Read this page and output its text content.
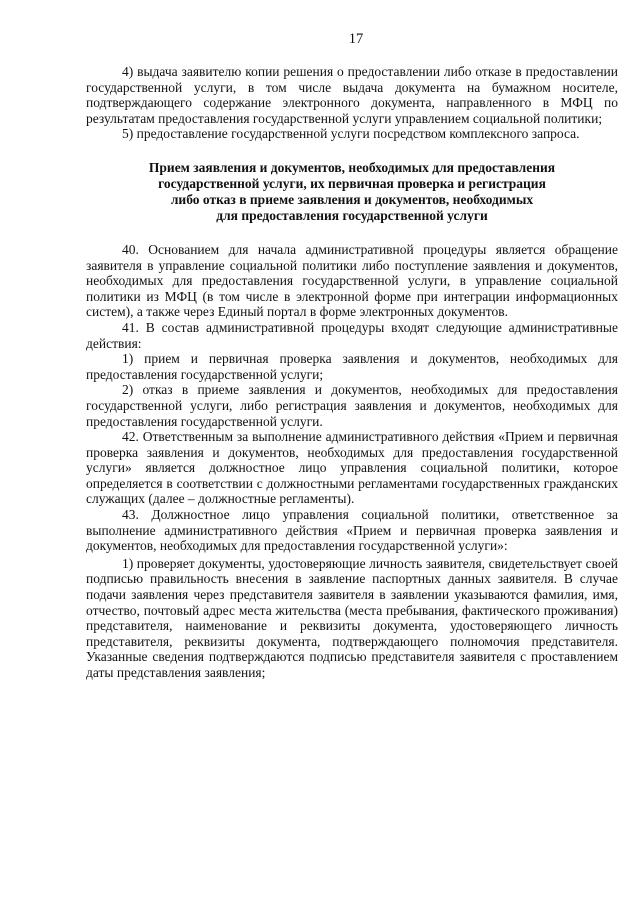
17

4) выдача заявителю копии решения о предоставлении либо отказе в предоставлении государственной услуги, в том числе выдача документа на бумажном носителе, подтверждающего содержание электронного документа, направленного в МФЦ по результатам предоставления государственной услуги управлением социальной политики;

5) предоставление государственной услуги посредством комплексного запроса.

Прием заявления и документов, необходимых для предоставления
государственной услуги, их первичная проверка и регистрация
либо отказ в приеме заявления и документов, необходимых
для предоставления государственной услуги

40. Основанием для начала административной процедуры является обращение заявителя в управление социальной политики либо поступление заявления и документов, необходимых для предоставления государственной услуги, в управление социальной политики из МФЦ (в том числе в электронной форме при интеграции информационных систем), а также через Единый портал в форме электронных документов.

41. В состав административной процедуры входят следующие административные действия:

1) прием и первичная проверка заявления и документов, необходимых для предоставления государственной услуги;

2) отказ в приеме заявления и документов, необходимых для предоставления государственной услуги, либо регистрация заявления и документов, необходимых для предоставления государственной услуги.

42. Ответственным за выполнение административного действия «Прием и первичная проверка заявления и документов, необходимых для предоставления государственной услуги» является должностное лицо управления социальной политики, которое определяется в соответствии с должностными регламентами государственных гражданских служащих (далее – должностные регламенты).

43. Должностное лицо управления социальной политики, ответственное за выполнение административного действия «Прием и первичная проверка заявления и документов, необходимых для предоставления государственной услуги»:

1) проверяет документы, удостоверяющие личность заявителя, свидетельствует своей подписью правильность внесения в заявление паспортных данных заявителя. В случае подачи заявления через представителя заявителя в заявлении указываются фамилия, имя, отчество, почтовый адрес места жительства (места пребывания, фактического проживания) представителя, наименование и реквизиты документа, удостоверяющего личность представителя, реквизиты документа, подтверждающего полномочия представителя. Указанные сведения подтверждаются подписью представителя заявителя с проставлением даты представления заявления;
